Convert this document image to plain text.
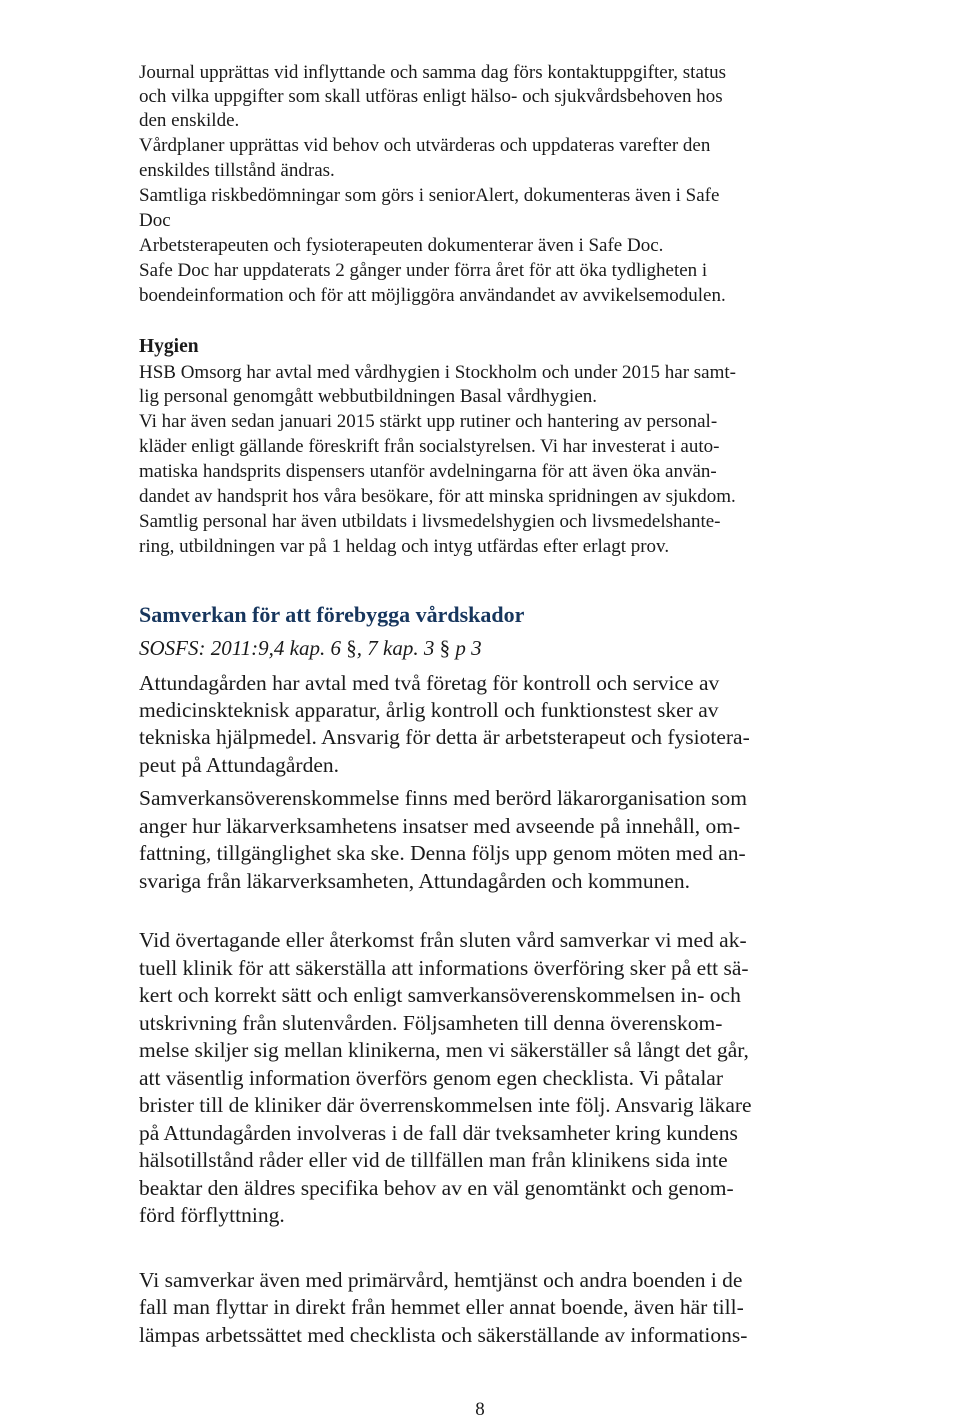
Journal upprättas vid inflyttande och samma dag förs kontaktuppgifter, status

och vilka uppgifter som skall utföras enligt hälso- och sjukvårdsbehoven hos

den enskilde.

Vårdplaner upprättas vid behov och utvärderas och uppdateras varefter den

enskildes tillstånd ändras.

Samtliga riskbedömningar som görs i seniorAlert, dokumenteras även i Safe

Doc

Arbetsterapeuten och fysioterapeuten dokumenterar även i Safe Doc.

Safe Doc har uppdaterats 2 gånger under förra året för att öka tydligheten i

boendeinformation och för att möjliggöra användandet av avvikelsemodulen.

Hygien

HSB Omsorg har avtal med vårdhygien i Stockholm och under 2015 har samt-

lig personal genomgått webbutbildningen Basal vårdhygien.

Vi har även sedan januari 2015 stärkt upp rutiner och hantering av personal-

kläder enligt gällande föreskrift från socialstyrelsen. Vi har investerat i auto-

matiska handsprits dispensers utanför avdelningarna för att även öka använ-

dandet av handsprit hos våra besökare, för att minska spridningen av sjukdom.

Samtlig personal har även utbildats i livsmedelshygien och livsmedelshante-

ring, utbildningen var på 1 heldag och intyg utfärdas efter erlagt prov.

Samverkan för att förebygga vårdskador

SOSFS: 2011:9,4 kap. 6 §, 7 kap. 3 § p 3

Attundagården har avtal med två företag för kontroll och service av

medicinskteknisk apparatur, årlig kontroll och funktionstest sker av

tekniska hjälpmedel. Ansvarig för detta är arbetsterapeut och fysiotera-

peut på Attundagården.

Samverkansöverenskommelse finns med berörd läkarorganisation som

anger hur läkarverksamhetens insatser med avseende på innehåll, om-

fattning, tillgänglighet ska ske. Denna följs upp genom möten med an-

svariga från läkarverksamheten, Attundagården och kommunen.

Vid övertagande eller återkomst från sluten vård samverkar vi med ak-

tuell klinik för att säkerställa att informations överföring sker på ett sä-

kert och korrekt sätt och enligt samverkansöverenskommelsen in- och

utskrivning från slutenvården. Följsamheten till denna överenskom-

melse skiljer sig mellan klinikerna, men vi säkerställer så långt det går,

att väsentlig information överförs genom egen checklista. Vi påtalar

brister till de kliniker där överrenskommelsen inte följ. Ansvarig läkare

på Attundagården involveras i de fall där tveksamheter kring kundens

hälsotillstånd råder eller vid de tillfällen man från klinikens sida inte

beaktar den äldres specifika behov av en väl genomtänkt och genom-

förd förflyttning.

Vi samverkar även med primärvård, hemtjänst och andra boenden i de

fall man flyttar in direkt från hemmet eller annat boende, även här till-

lämpas arbetssättet med checklista och säkerställande av informations-

8
